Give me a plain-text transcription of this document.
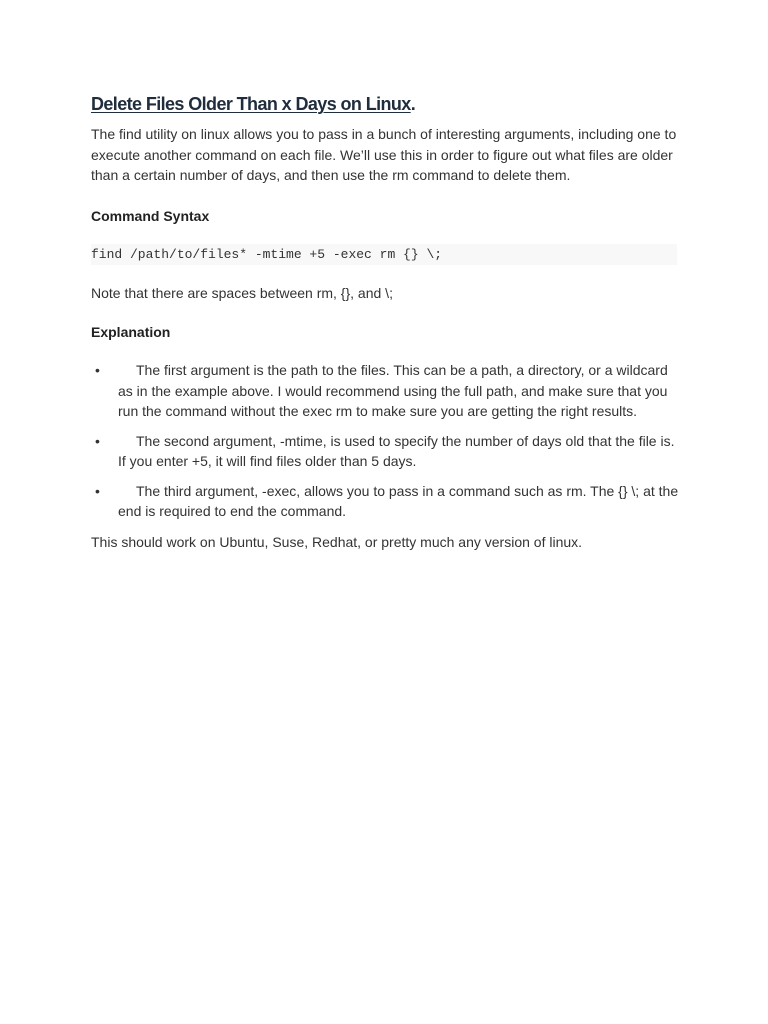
Delete Files Older Than x Days on Linux.

The find utility on linux allows you to pass in a bunch of interesting arguments, including one to execute another command on each file. We’ll use this in order to figure out what files are older than a certain number of days, and then use the rm command to delete them.

Command Syntax

find /path/to/files* -mtime +5 -exec rm {} \;

Note that there are spaces between rm, {}, and \;

Explanation

•	The first argument is the path to the files. This can be a path, a directory, or a wildcard as in the example above. I would recommend using the full path, and make sure that you run the command without the exec rm to make sure you are getting the right results.
•	The second argument, -mtime, is used to specify the number of days old that the file is. If you enter +5, it will find files older than 5 days.
•	The third argument, -exec, allows you to pass in a command such as rm. The {} \; at the end is required to end the command.

This should work on Ubuntu, Suse, Redhat, or pretty much any version of linux.
